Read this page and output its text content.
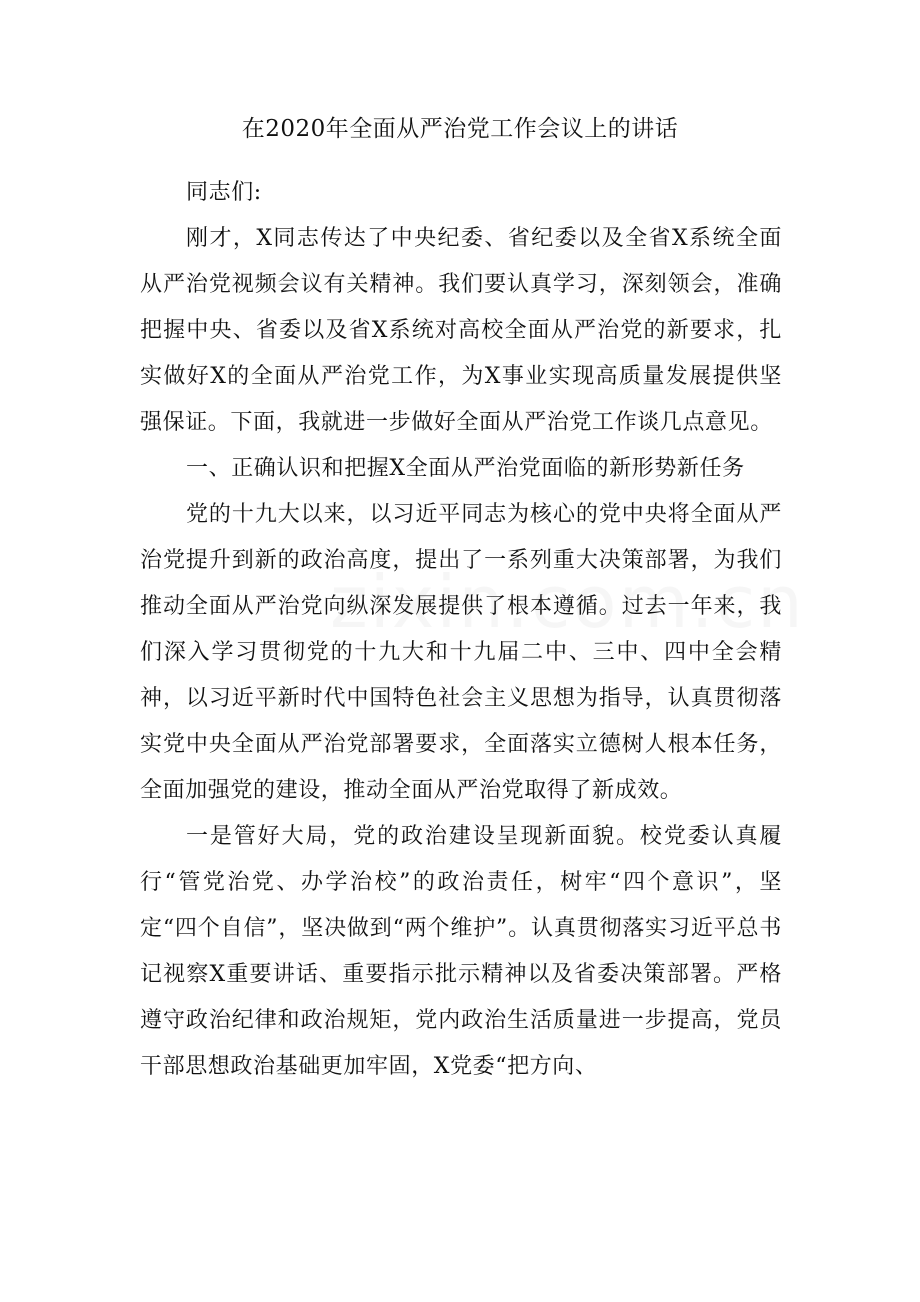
在2020年全面从严治党工作会议上的讲话

同志们:

刚才，X同志传达了中央纪委、省纪委以及全省X系统全面从严治党视频会议有关精神。我们要认真学习，深刻领会，准确把握中央、省委以及省X系统对高校全面从严治党的新要求，扎实做好X的全面从严治党工作，为X事业实现高质量发展提供坚强保证。下面，我就进一步做好全面从严治党工作谈几点意见。

一、正确认识和把握X全面从严治党面临的新形势新任务

党的十九大以来，以习近平同志为核心的党中央将全面从严治党提升到新的政治高度，提出了一系列重大决策部署，为我们推动全面从严治党向纵深发展提供了根本遵循。过去一年来，我们深入学习贯彻党的十九大和十九届二中、三中、四中全会精神，以习近平新时代中国特色社会主义思想为指导，认真贯彻落实党中央全面从严治党部署要求，全面落实立德树人根本任务，全面加强党的建设，推动全面从严治党取得了新成效。

一是管好大局，党的政治建设呈现新面貌。校党委认真履行“管党治党、办学治校”的政治责任，树牢“四个意识”，坚定“四个自信”，坚决做到“两个维护”。认真贯彻落实习近平总书记视察X重要讲话、重要指示批示精神以及省委决策部署。严格遵守政治纪律和政治规矩，党内政治生活质量进一步提高，党员干部思想政治基础更加牢固，X党委“把方向、
